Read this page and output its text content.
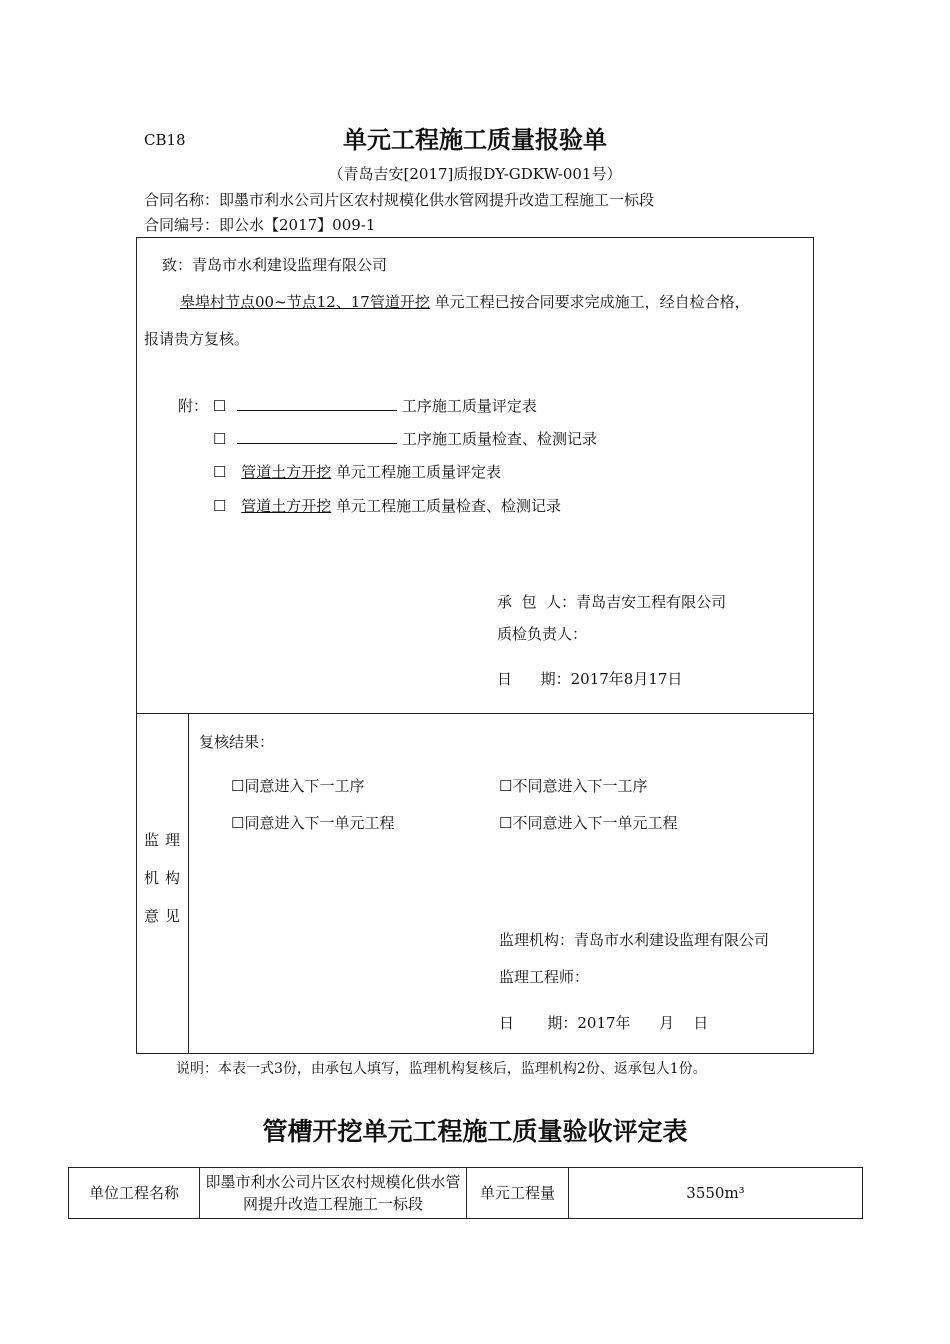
CB18	单元工程施工质量报验单
（青岛吉安[2017]质报DY-GDKW-001号）
合同名称：即墨市利水公司片区农村规模化供水管网提升改造工程施工一标段
合同编号：即公水【2017】009-1
致：青岛市水利建设监理有限公司
皋埠村节点00~节点12、17管道开挖 单元工程已按合同要求完成施工，经自检合格，
报请贵方复核。
附： ☐	工序施工质量评定表
☐	工序施工质量检查、检测记录
☐ 管道土方开挖 单元工程施工质量评定表
☐ 管道土方开挖 单元工程施工质量检查、检测记录
承  包  人：青岛吉安工程有限公司
质检负责人：
日      期：2017年8月17日
监理
机构
意见
复核结果：
☐同意进入下一工序	☐不同意进入下一工序
☐同意进入下一单元工程	☐不同意进入下一单元工程
监理机构：青岛市水利建设监理有限公司
监理工程师：
日       期：2017年      月    日
说明：本表一式3份，由承包人填写，监理机构复核后，监理机构2份、返承包人1份。
管槽开挖单元工程施工质量验收评定表
单位工程名称	即墨市利水公司片区农村规模化供水管网提升改造工程施工一标段	单元工程量	3550m³
